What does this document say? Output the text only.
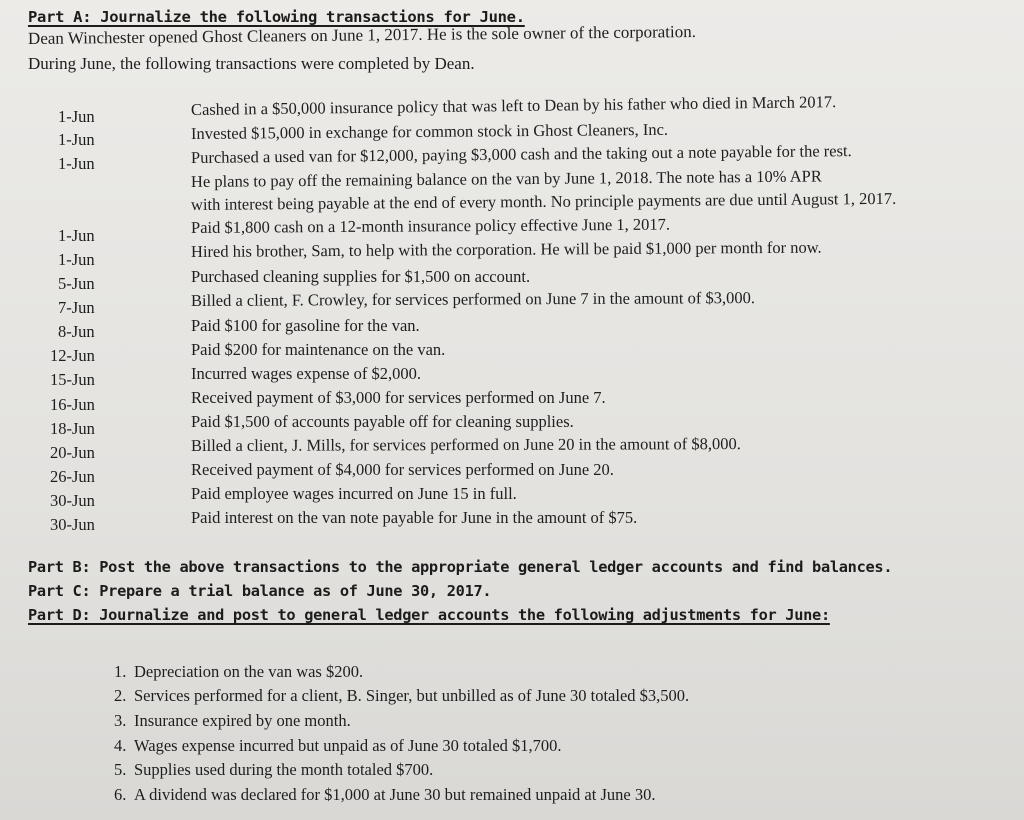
Part A: Journalize the following transactions for June.
Dean Winchester opened Ghost Cleaners on June 1, 2017. He is the sole owner of the corporation.
During June, the following transactions were completed by Dean.
1-Jun	Cashed in a $50,000 insurance policy that was left to Dean by his father who died in March 2017.
1-Jun	Invested $15,000 in exchange for common stock in Ghost Cleaners, Inc.
1-Jun	Purchased a used van for $12,000, paying $3,000 cash and the taking out a note payable for the rest.
He plans to pay off the remaining balance on the van by June 1, 2018. The note has a 10% APR
with interest being payable at the end of every month. No principle payments are due until August 1, 2017.
1-Jun	Paid $1,800 cash on a 12-month insurance policy effective June 1, 2017.
1-Jun	Hired his brother, Sam, to help with the corporation. He will be paid $1,000 per month for now.
5-Jun	Purchased cleaning supplies for $1,500 on account.
7-Jun	Billed a client, F. Crowley, for services performed on June 7 in the amount of $3,000.
8-Jun	Paid $100 for gasoline for the van.
12-Jun	Paid $200 for maintenance on the van.
15-Jun	Incurred wages expense of $2,000.
16-Jun	Received payment of $3,000 for services performed on June 7.
18-Jun	Paid $1,500 of accounts payable off for cleaning supplies.
20-Jun	Billed a client, J. Mills, for services performed on June 20 in the amount of $8,000.
26-Jun	Received payment of $4,000 for services performed on June 20.
30-Jun	Paid employee wages incurred on June 15 in full.
30-Jun	Paid interest on the van note payable for June in the amount of $75.
Part B: Post the above transactions to the appropriate general ledger accounts and find balances.
Part C: Prepare a trial balance as of June 30, 2017.
Part D: Journalize and post to general ledger accounts the following adjustments for June:
1. Depreciation on the van was $200.
2. Services performed for a client, B. Singer, but unbilled as of June 30 totaled $3,500.
3. Insurance expired by one month.
4. Wages expense incurred but unpaid as of June 30 totaled $1,700.
5. Supplies used during the month totaled $700.
6. A dividend was declared for $1,000 at June 30 but remained unpaid at June 30.
